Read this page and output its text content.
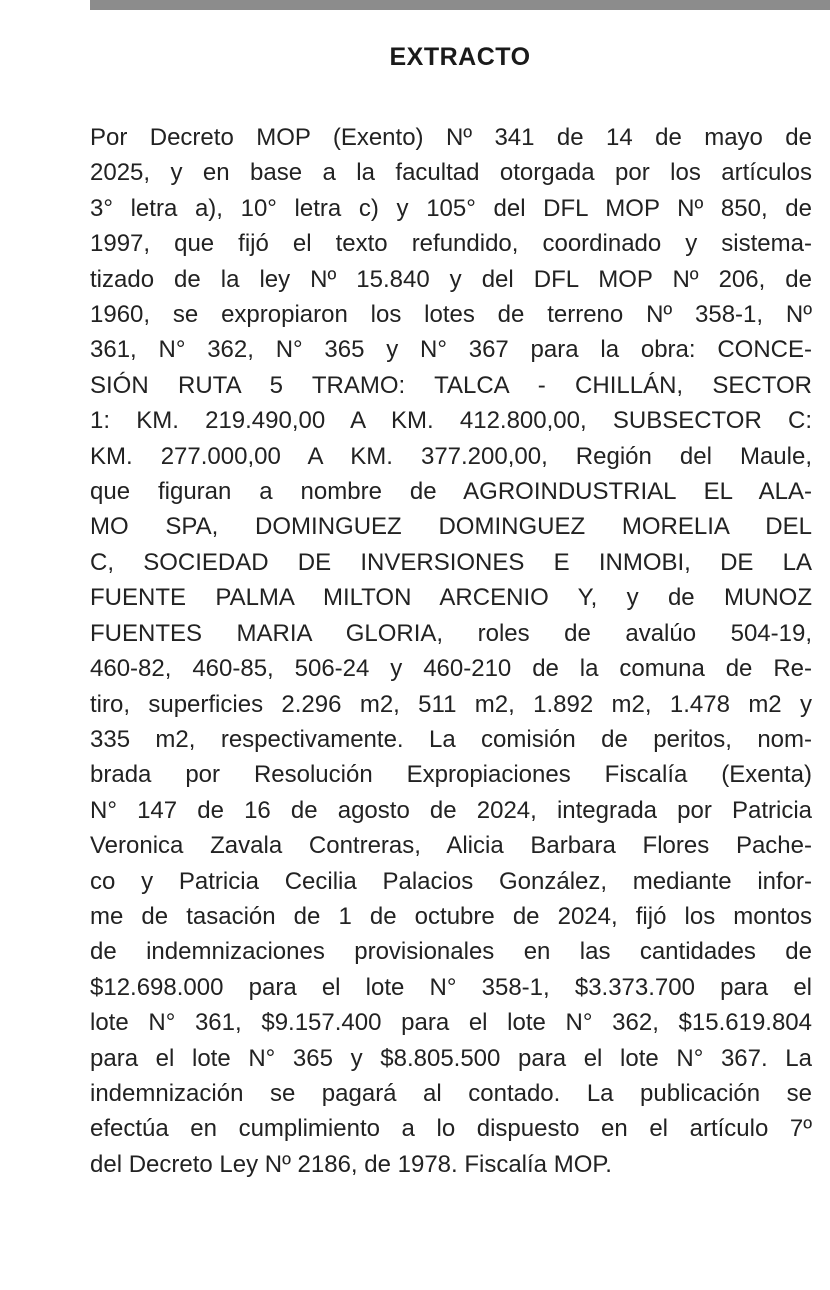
EXTRACTO
Por Decreto MOP (Exento) Nº 341 de 14 de mayo de
2025, y en base a la facultad otorgada por los artículos
3° letra a), 10° letra c) y 105° del DFL MOP Nº 850, de
1997, que fijó el texto refundido, coordinado y sistema-
tizado de la ley Nº 15.840 y del DFL MOP Nº 206, de
1960, se expropiaron los lotes de terreno Nº 358-1, Nº
361, N° 362, N° 365 y N° 367 para la obra: CONCE-
SIÓN RUTA 5 TRAMO: TALCA - CHILLÁN, SECTOR
1: KM. 219.490,00 A KM. 412.800,00, SUBSECTOR C:
KM. 277.000,00 A KM. 377.200,00, Región del Maule,
que figuran a nombre de AGROINDUSTRIAL EL ALA-
MO SPA, DOMINGUEZ DOMINGUEZ MORELIA DEL
C, SOCIEDAD DE INVERSIONES E INMOBI, DE LA
FUENTE PALMA MILTON ARCENIO Y, y de MUNOZ
FUENTES MARIA GLORIA, roles de avalúo 504-19,
460-82, 460-85, 506-24 y 460-210 de la comuna de Re-
tiro, superficies 2.296 m2, 511 m2, 1.892 m2, 1.478 m2 y
335 m2, respectivamente. La comisión de peritos, nom-
brada por Resolución Expropiaciones Fiscalía (Exenta)
N° 147 de 16 de agosto de 2024, integrada por Patricia
Veronica Zavala Contreras, Alicia Barbara Flores Pache-
co y Patricia Cecilia Palacios González, mediante infor-
me de tasación de 1 de octubre de 2024, fijó los montos
de indemnizaciones provisionales en las cantidades de
$12.698.000 para el lote N° 358-1, $3.373.700 para el
lote N° 361, $9.157.400 para el lote N° 362, $15.619.804
para el lote N° 365 y $8.805.500 para el lote N° 367. La
indemnización se pagará al contado. La publicación se
efectúa en cumplimiento a lo dispuesto en el artículo 7º
del Decreto Ley Nº 2186, de 1978. Fiscalía MOP.
